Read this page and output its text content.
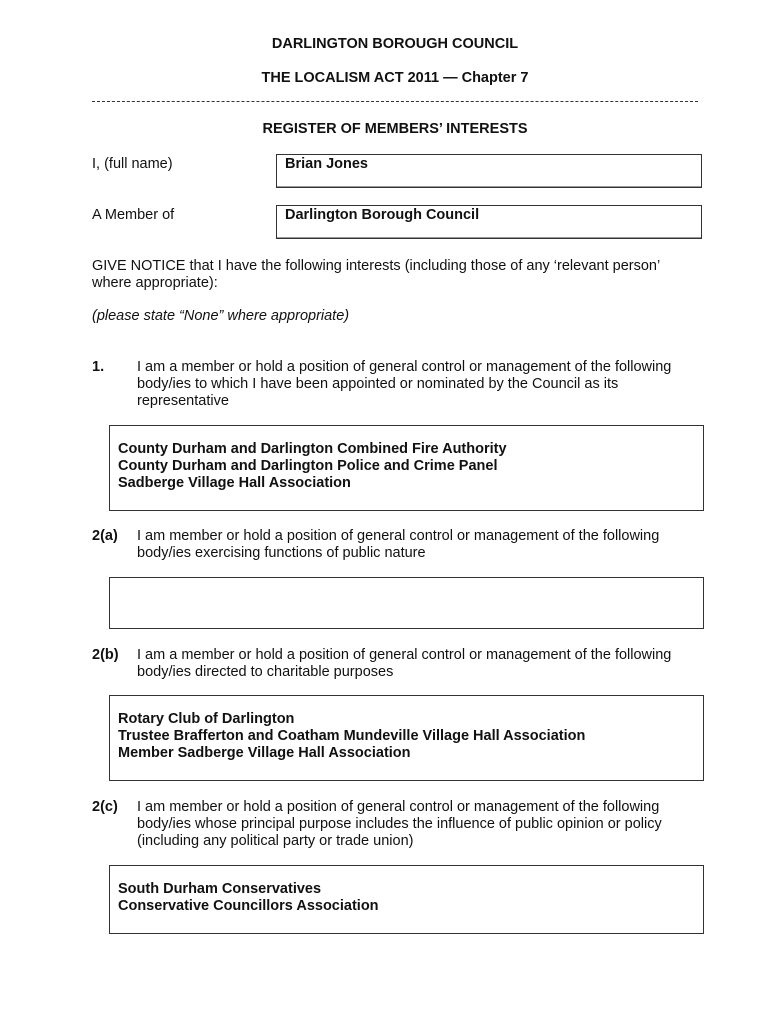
DARLINGTON BOROUGH COUNCIL
THE LOCALISM ACT 2011 — Chapter 7
REGISTER OF MEMBERS’ INTERESTS
I, (full name)	Brian Jones
A Member of	Darlington Borough Council

GIVE NOTICE that I have the following interests (including those of any ‘relevant person’ where appropriate):

(please state “None” where appropriate)

1. I am a member or hold a position of general control or management of the following body/ies to which I have been appointed or nominated by the Council as its representative

County Durham and Darlington Combined Fire Authority
County Durham and Darlington Police and Crime Panel
Sadberge Village Hall Association
2(a) I am member or hold a position of general control or management of the following body/ies exercising functions of public nature

2(b) I am a member or hold a position of general control or management of the following body/ies directed to charitable purposes

Rotary Club of Darlington
Trustee Brafferton and Coatham Mundeville Village Hall Association
Member Sadberge Village Hall Association
2(c) I am member or hold a position of general control or management of the following body/ies whose principal purpose includes the influence of public opinion or policy (including any political party or trade union)

South Durham Conservatives
Conservative Councillors Association
